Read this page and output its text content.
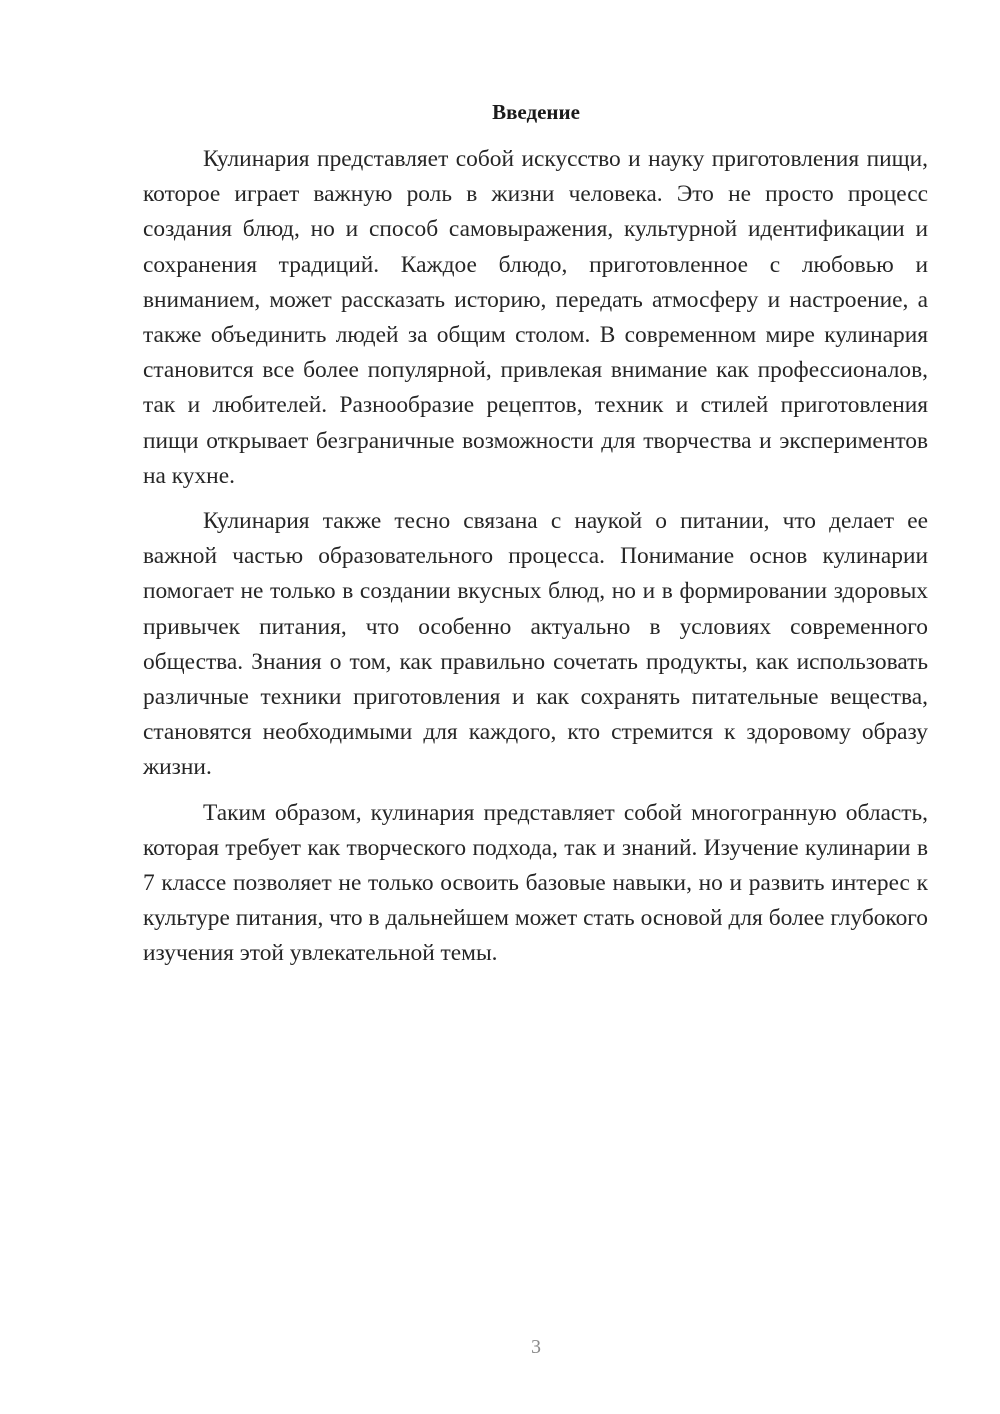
Введение

Кулинария представляет собой искусство и науку приготовления пищи, которое играет важную роль в жизни человека. Это не просто процесс создания блюд, но и способ самовыражения, культурной идентификации и сохранения традиций. Каждое блюдо, приготовленное с любовью и вниманием, может рассказать историю, передать атмосферу и настроение, а также объединить людей за общим столом. В современном мире кулинария становится все более популярной, привлекая внимание как профессионалов, так и любителей. Разнообразие рецептов, техник и стилей приготовления пищи открывает безграничные возможности для творчества и экспериментов на кухне.

Кулинария также тесно связана с наукой о питании, что делает ее важной частью образовательного процесса. Понимание основ кулинарии помогает не только в создании вкусных блюд, но и в формировании здоровых привычек питания, что особенно актуально в условиях современного общества. Знания о том, как правильно сочетать продукты, как использовать различные техники приготовления и как сохранять питательные вещества, становятся необходимыми для каждого, кто стремится к здоровому образу жизни.

Таким образом, кулинария представляет собой многогранную область, которая требует как творческого подхода, так и знаний. Изучение кулинарии в 7 классе позволяет не только освоить базовые навыки, но и развить интерес к культуре питания, что в дальнейшем может стать основой для более глубокого изучения этой увлекательной темы.

3
